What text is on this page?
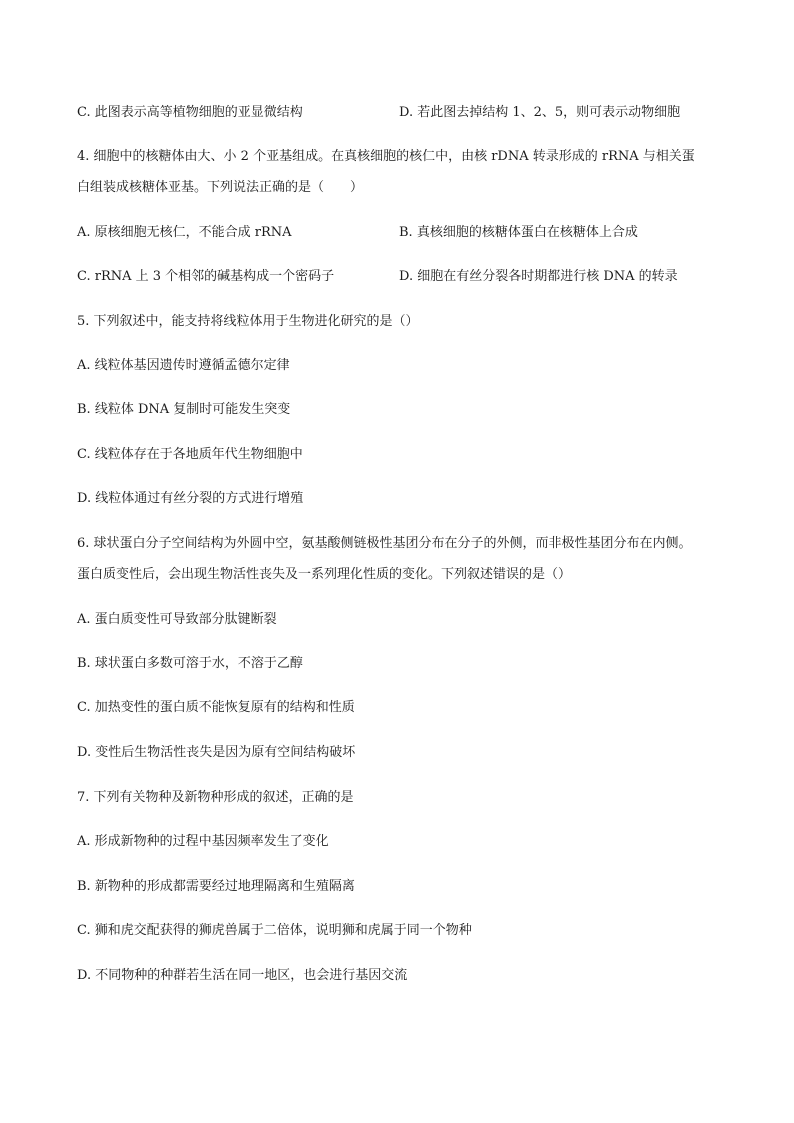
C. 此图表示高等植物细胞的亚显微结构	D. 若此图去掉结构 1、2、5，则可表示动物细胞
4. 细胞中的核糖体由大、小 2 个亚基组成。在真核细胞的核仁中，由核 rDNA 转录形成的 rRNA 与相关蛋
白组装成核糖体亚基。下列说法正确的是（　　）
A. 原核细胞无核仁，不能合成 rRNA	B. 真核细胞的核糖体蛋白在核糖体上合成
C. rRNA 上 3 个相邻的碱基构成一个密码子	D. 细胞在有丝分裂各时期都进行核 DNA 的转录
5. 下列叙述中，能支持将线粒体用于生物进化研究的是（）
A. 线粒体基因遗传时遵循孟德尔定律
B. 线粒体 DNA 复制时可能发生突变
C. 线粒体存在于各地质年代生物细胞中
D. 线粒体通过有丝分裂的方式进行增殖
6. 球状蛋白分子空间结构为外圆中空，氨基酸侧链极性基团分布在分子的外侧，而非极性基团分布在内侧。
蛋白质变性后，会出现生物活性丧失及一系列理化性质的变化。下列叙述错误的是（）
A. 蛋白质变性可导致部分肽键断裂
B. 球状蛋白多数可溶于水，不溶于乙醇
C. 加热变性的蛋白质不能恢复原有的结构和性质
D. 变性后生物活性丧失是因为原有空间结构破坏
7. 下列有关物种及新物种形成的叙述，正确的是
A. 形成新物种的过程中基因频率发生了变化
B. 新物种的形成都需要经过地理隔离和生殖隔离
C. 狮和虎交配获得的狮虎兽属于二倍体，说明狮和虎属于同一个物种
D. 不同物种的种群若生活在同一地区，也会进行基因交流
